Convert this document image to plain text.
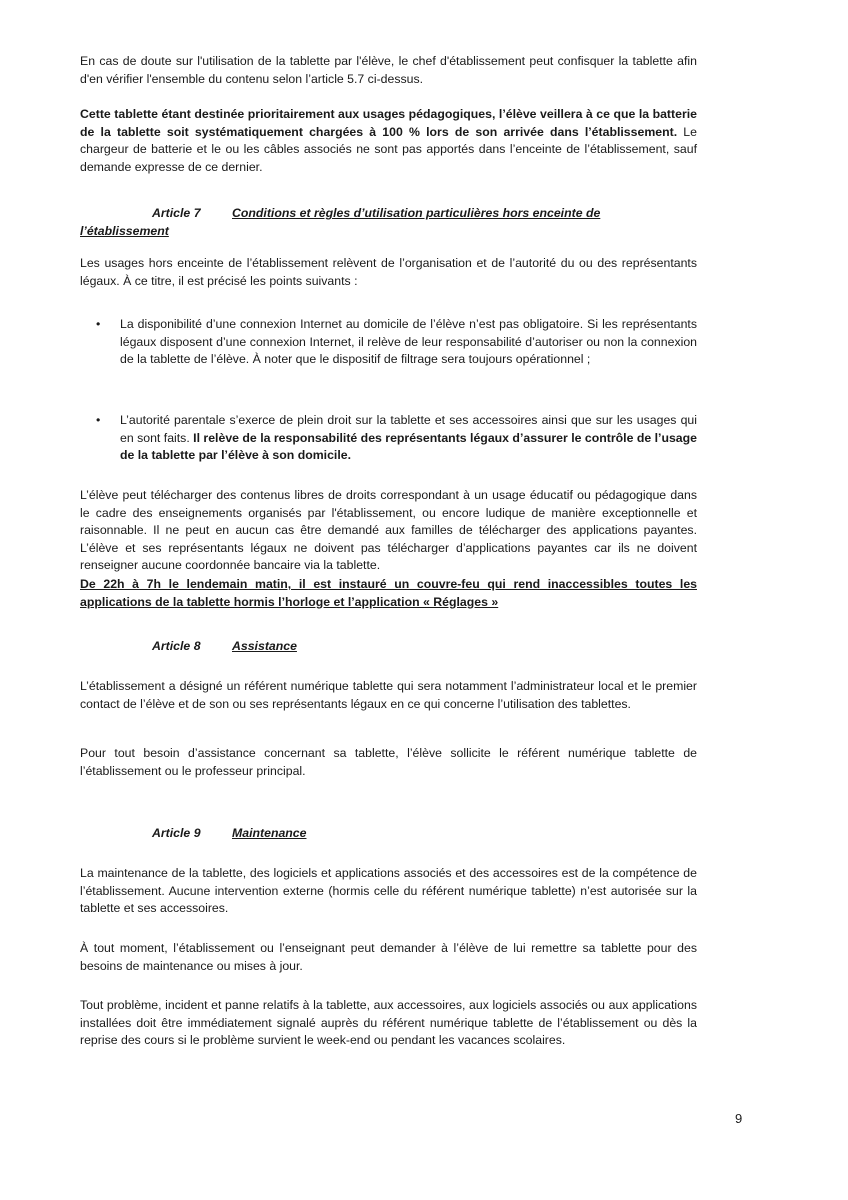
En cas de doute sur l'utilisation de la tablette par l'élève, le chef d'établissement peut confisquer la tablette afin d'en vérifier l'ensemble du contenu selon l’article 5.7 ci-dessus.

Cette tablette étant destinée prioritairement aux usages pédagogiques, l’élève veillera à ce que la batterie de la tablette soit systématiquement chargées à 100 % lors de son arrivée dans l’établissement. Le chargeur de batterie et le ou les câbles associés ne sont pas apportés dans l’enceinte de l’établissement, sauf demande expresse de ce dernier.

Article 7	Conditions et règles d’utilisation particulières hors enceinte de
l’établissement

Les usages hors enceinte de l’établissement relèvent de l’organisation et de l’autorité du ou des représentants légaux. À ce titre, il est précisé les points suivants :

• La disponibilité d’une connexion Internet au domicile de l’élève n’est pas obligatoire. Si les représentants légaux disposent d’une connexion Internet, il relève de leur responsabilité d’autoriser ou non la connexion de la tablette de l’élève. À noter que le dispositif de filtrage sera toujours opérationnel ;
• L’autorité parentale s’exerce de plein droit sur la tablette et ses accessoires ainsi que sur les usages qui en sont faits. Il relève de la responsabilité des représentants légaux d’assurer le contrôle de l’usage de la tablette par l’élève à son domicile.

L’élève peut télécharger des contenus libres de droits correspondant à un usage éducatif ou pédagogique dans le cadre des enseignements organisés par l'établissement, ou encore ludique de manière exceptionnelle et raisonnable. Il ne peut en aucun cas être demandé aux familles de télécharger des applications payantes. L’élève et ses représentants légaux ne doivent pas télécharger d’applications payantes car ils ne doivent renseigner aucune coordonnée bancaire via la tablette.

De 22h à 7h le lendemain matin, il est instauré un couvre-feu qui rend inaccessibles toutes les applications de la tablette hormis l’horloge et l’application « Réglages »

Article 8	Assistance

L’établissement a désigné un référent numérique tablette qui sera notamment l’administrateur local et le premier contact de l’élève et de son ou ses représentants légaux en ce qui concerne l’utilisation des tablettes.

Pour tout besoin d’assistance concernant sa tablette, l’élève sollicite le référent numérique tablette de l’établissement ou le professeur principal.

Article 9	Maintenance

La maintenance de la tablette, des logiciels et applications associés et des accessoires est de la compétence de l’établissement. Aucune intervention externe (hormis celle du référent numérique tablette) n’est autorisée sur la tablette et ses accessoires.

À tout moment, l’établissement ou l’enseignant peut demander à l’élève de lui remettre sa tablette pour des besoins de maintenance ou mises à jour.

Tout problème, incident et panne relatifs à la tablette, aux accessoires, aux logiciels associés ou aux applications installées doit être immédiatement signalé auprès du référent numérique tablette de l’établissement ou dès la reprise des cours si le problème survient le week-end ou pendant les vacances scolaires.

9
